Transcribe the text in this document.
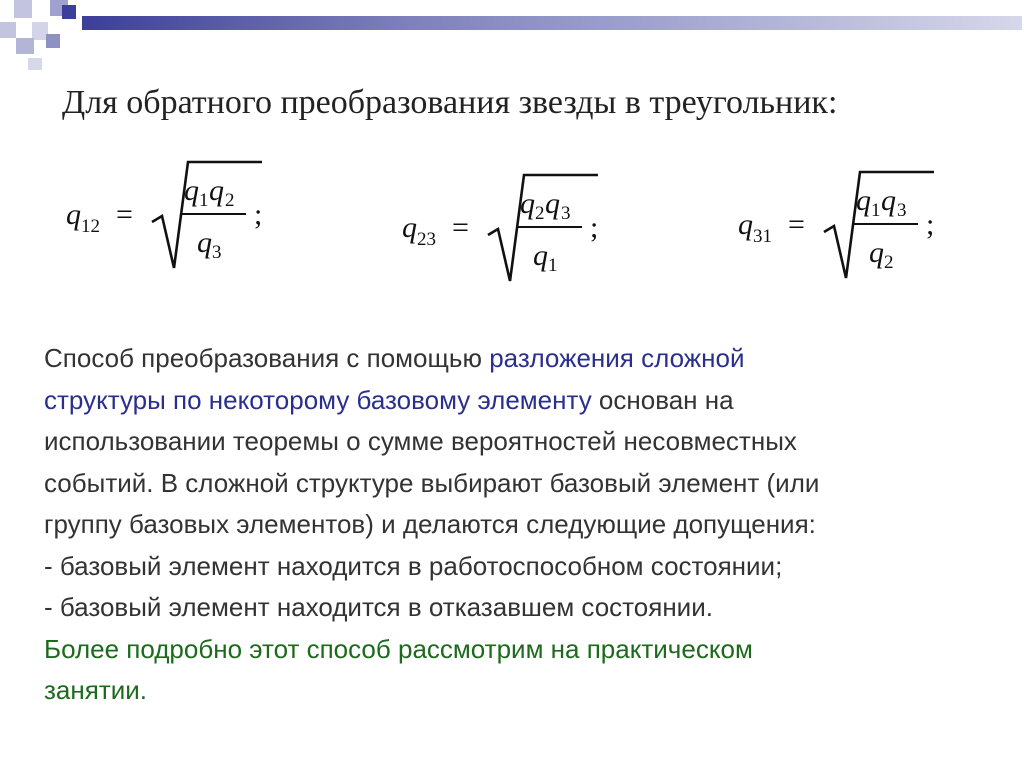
Для обратного преобразования звезды в треугольник:
q 12 =
q 1 q 2
q 3
;	q 23 =
q 2 q 3
q 1
;	q 31 =
q 1 q 3
q 2
;

Способ преобразования с помощью разложения сложной

структуры по некоторому базовому элементу основан на

использовании теоремы о сумме вероятностей несовместных

событий. В сложной структуре выбирают базовый элемент (или

группу базовых элементов) и делаются следующие допущения:

- базовый элемент находится в работоспособном состоянии;

- базовый элемент находится в отказавшем состоянии.

Более подробно этот способ рассмотрим на практическом

занятии.
